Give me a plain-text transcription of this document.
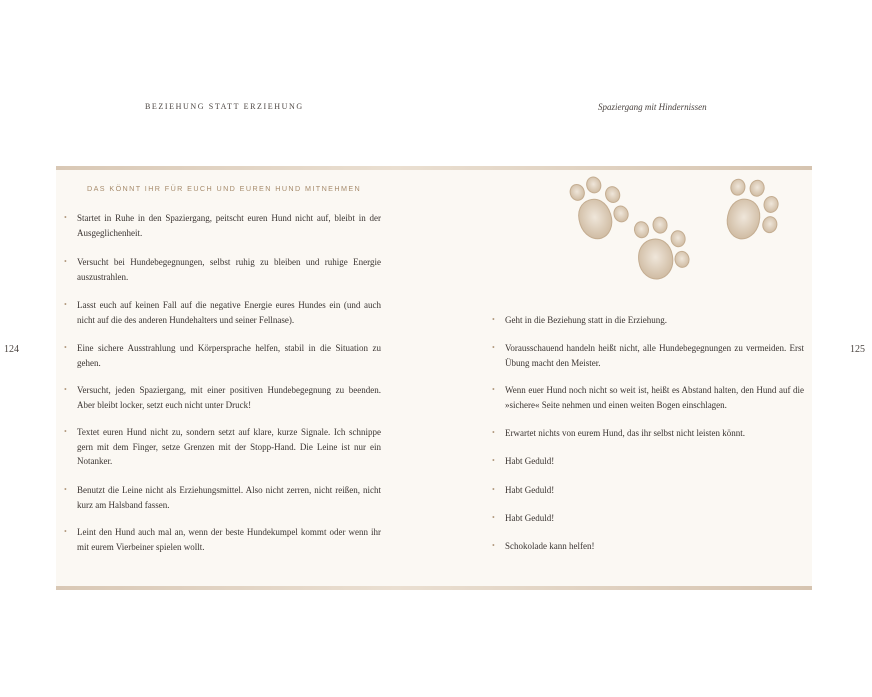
BEZIEHUNG STATT ERZIEHUNG	Spaziergang mit Hindernissen
124	125
DAS KÖNNT IHR FÜR EUCH UND EUREN HUND MITNEHMEN
• Startet in Ruhe in den Spaziergang, peitscht euren Hund nicht auf, bleibt in der Ausgeglichenheit.
• Versucht bei Hundebegegnungen, selbst ruhig zu bleiben und ruhige Energie auszustrahlen.
• Lasst euch auf keinen Fall auf die negative Energie eures Hundes ein (und auch nicht auf die des anderen Hundehalters und seiner Fellnase).
• Eine sichere Ausstrahlung und Körpersprache helfen, stabil in die Situation zu gehen.
• Versucht, jeden Spaziergang, mit einer positiven Hundebegegnung zu beenden. Aber bleibt locker, setzt euch nicht unter Druck!
• Textet euren Hund nicht zu, sondern setzt auf klare, kurze Signale. Ich schnippe gern mit dem Finger, setze Grenzen mit der Stopp-Hand. Die Leine ist nur ein Notanker.
• Benutzt die Leine nicht als Erziehungsmittel. Also nicht zerren, nicht reißen, nicht kurz am Halsband fassen.
• Leint den Hund auch mal an, wenn der beste Hundekumpel kommt oder wenn ihr mit eurem Vierbeiner spielen wollt.
• Geht in die Beziehung statt in die Erziehung.
• Vorausschauend handeln heißt nicht, alle Hundebegegnungen zu vermeiden. Erst Übung macht den Meister.
• Wenn euer Hund noch nicht so weit ist, heißt es Abstand halten, den Hund auf die »sichere« Seite nehmen und einen weiten Bogen einschlagen.
• Erwartet nichts von eurem Hund, das ihr selbst nicht leisten könnt.
• Habt Geduld!
• Habt Geduld!
• Habt Geduld!
• Schokolade kann helfen!
